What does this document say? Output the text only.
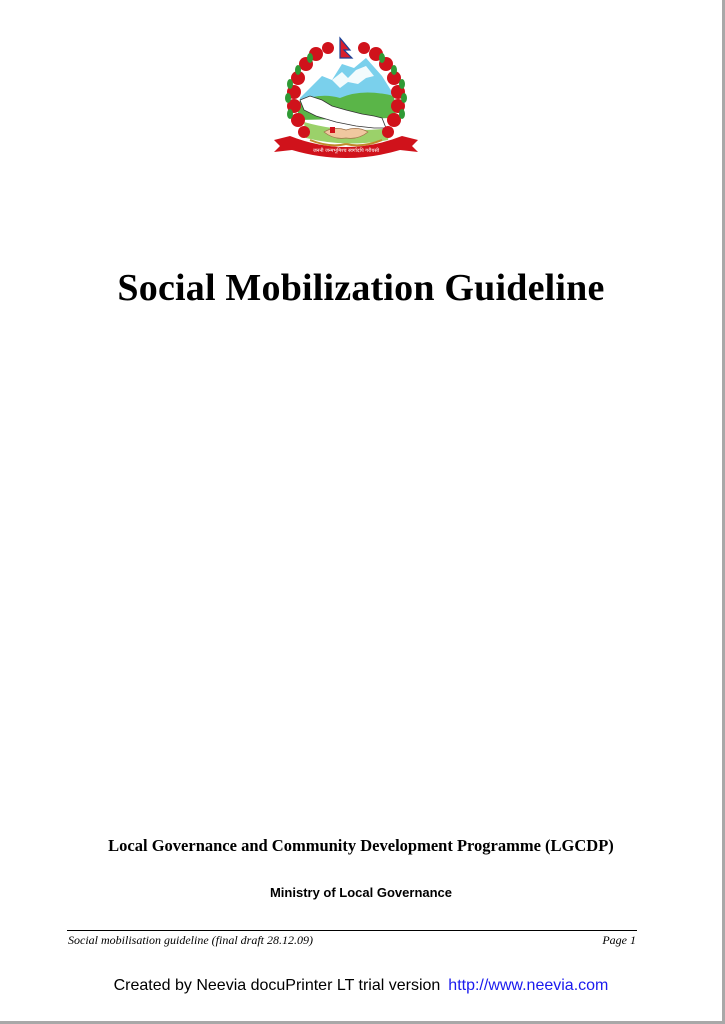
जननी जन्मभूमिश्च स्वर्गादपि गरीयसी
Social Mobilization Guideline
Local Governance and Community Development Programme (LGCDP)
Ministry of Local Governance
Social mobilisation guideline (final draft 28.12.09)	Page 1
Created by Neevia docuPrinter LT trial version http://www.neevia.com
